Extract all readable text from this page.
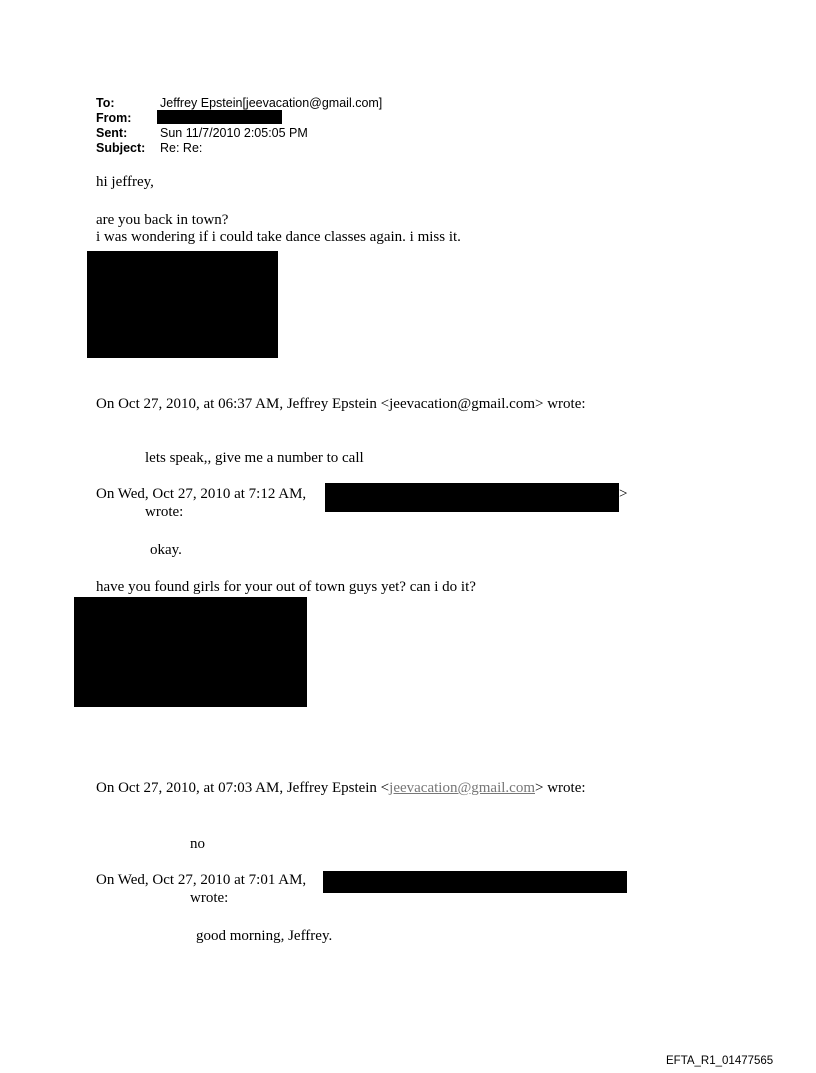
To:	Jeffrey Epstein[jeevacation@gmail.com]
From:
Sent:	Sun 11/7/2010 2:05:05 PM
Subject: Re: Re:
hi jeffrey,
are you back in town?
i was wondering if i could take dance classes again. i miss it.
On Oct 27, 2010, at 06:37 AM, Jeffrey Epstein <jeevacation@gmail.com> wrote:
lets speak,, give me a number to call
On Wed, Oct 27, 2010 at 7:12 AM,	>
wrote:
okay.
have you found girls for your out of town guys yet? can i do it?
On Oct 27, 2010, at 07:03 AM, Jeffrey Epstein <jeevacation@gmail.com> wrote:
no
On Wed, Oct 27, 2010 at 7:01 AM,
wrote:
good morning, Jeffrey.
EFTA_R1_01477565
